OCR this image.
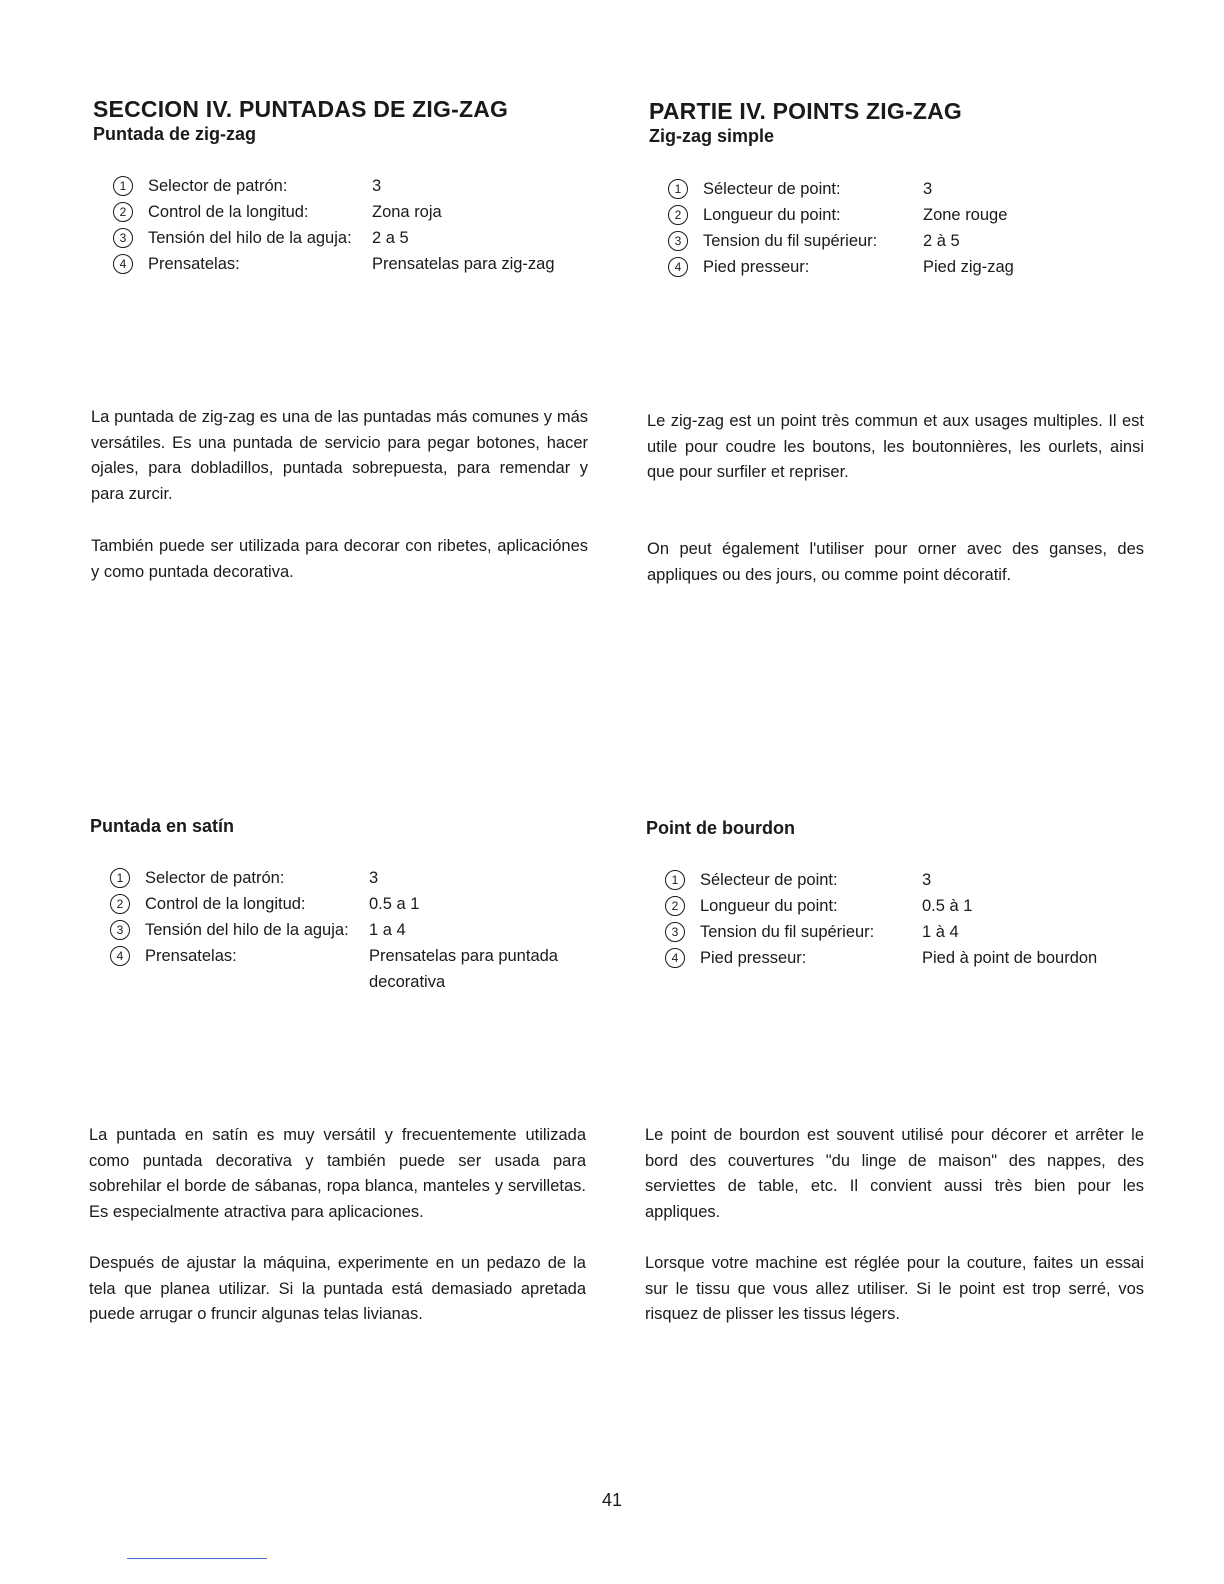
SECCION IV. PUNTADAS DE ZIG-ZAG
Puntada de zig-zag
1	Selector de patrón:	3
2	Control de la longitud:	Zona roja
3	Tensión del hilo de la aguja: 2 a 5
4	Prensatelas:	Prensatelas para zig-zag

La puntada de zig-zag es una de las puntadas más comunes y más versátiles. Es una puntada de servicio para pegar botones, hacer ojales, para dobladillos, puntada sobrepuesta, para remendar y para zurcir.

También puede ser utilizada para decorar con ribetes, aplicaciónes y como puntada decorativa.

PARTIE IV. POINTS ZIG-ZAG
Zig-zag simple
1	Sélecteur de point:	3
2	Longueur du point:	Zone rouge
3	Tension du fil supérieur:	2 à 5
4	Pied presseur:	Pied zig-zag

Le zig-zag est un point très commun et aux usages multiples. Il est utile pour coudre les boutons, les boutonnières, les ourlets, ainsi que pour surfiler et repriser.

On peut également l'utiliser pour orner avec des ganses, des appliques ou des jours, ou comme point décoratif.

Puntada en satín
1	Selector de patrón:	3
2	Control de la longitud:	0.5 a 1
3	Tensión del hilo de la aguja: 1 a 4
4	Prensatelas:	Prensatelas para puntada decorativa

La puntada en satín es muy versátil y frecuentemente utilizada como puntada decorativa y también puede ser usada para sobrehilar el borde de sábanas, ropa blanca, manteles y servilletas. Es especialmente atractiva para aplicaciones.

Después de ajustar la máquina, experimente en un pedazo de la tela que planea utilizar. Si la puntada está demasiado apretada puede arrugar o fruncir algunas telas livianas.

Point de bourdon
1	Sélecteur de point:	3
2	Longueur du point:	0.5 à 1
3	Tension du fil supérieur:	1 à 4
4	Pied presseur:	Pied à point de bourdon

Le point de bourdon est souvent utilisé pour décorer et arrêter le bord des couvertures "du linge de maison" des nappes, des serviettes de table, etc. Il convient aussi très bien pour les appliques.

Lorsque votre machine est réglée pour la couture, faites un essai sur le tissu que vous allez utiliser. Si le point est trop serré, vos risquez de plisser les tissus légers.

41
